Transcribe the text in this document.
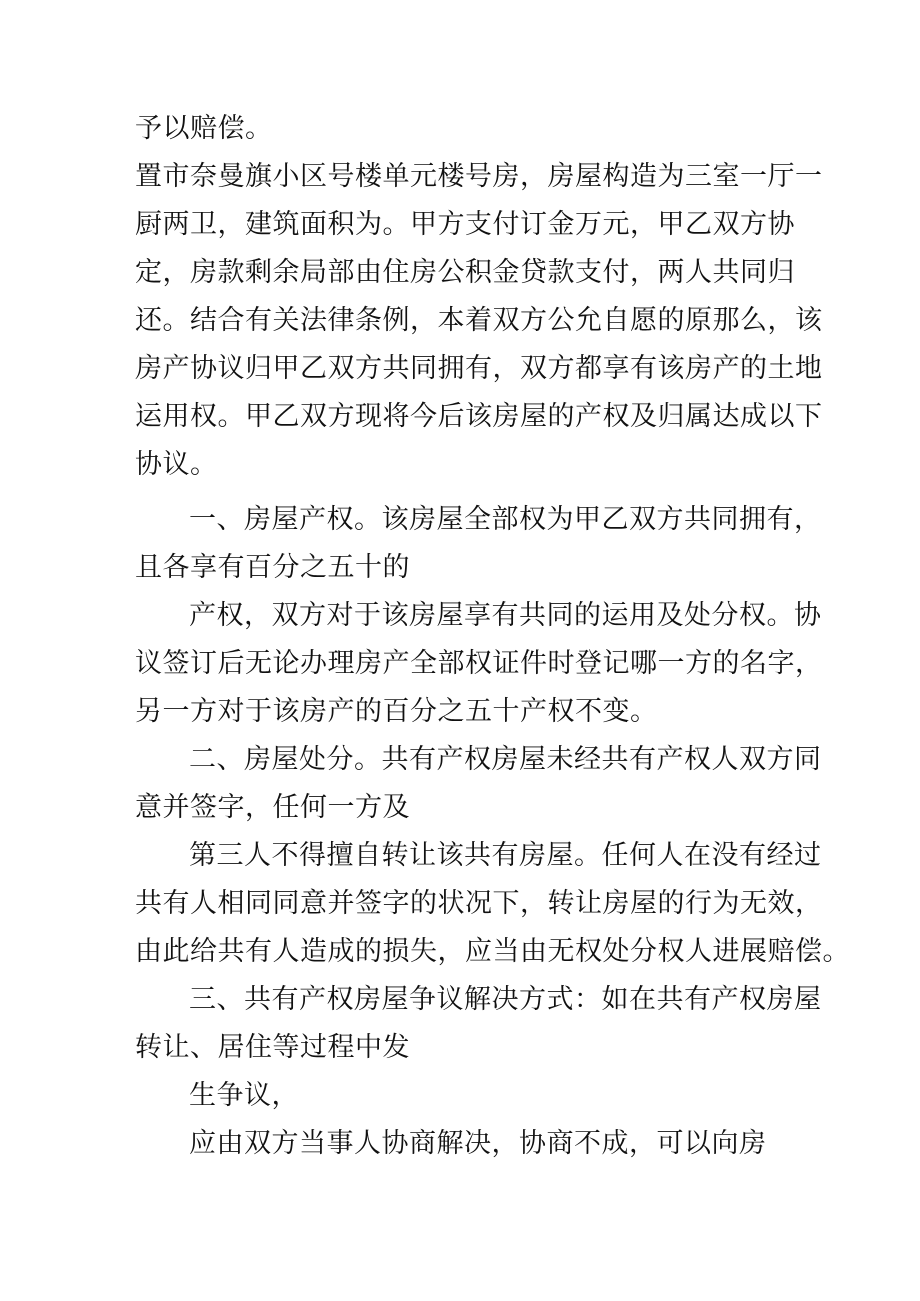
予以赔偿。
置市奈曼旗小区号楼单元楼号房，房屋构造为三室一厅一
厨两卫，建筑面积为。甲方支付订金万元，甲乙双方协
定，房款剩余局部由住房公积金贷款支付，两人共同归
还。结合有关法律条例，本着双方公允自愿的原那么，该
房产协议归甲乙双方共同拥有，双方都享有该房产的土地
运用权。甲乙双方现将今后该房屋的产权及归属达成以下
协议。
一、房屋产权。该房屋全部权为甲乙双方共同拥有，
且各享有百分之五十的
产权，双方对于该房屋享有共同的运用及处分权。协
议签订后无论办理房产全部权证件时登记哪一方的名字，
另一方对于该房产的百分之五十产权不变。
二、房屋处分。共有产权房屋未经共有产权人双方同
意并签字，任何一方及
第三人不得擅自转让该共有房屋。任何人在没有经过
共有人相同同意并签字的状况下，转让房屋的行为无效，
由此给共有人造成的损失，应当由无权处分权人进展赔偿。
三、共有产权房屋争议解决方式：如在共有产权房屋
转让、居住等过程中发
生争议，
应由双方当事人协商解决，协商不成，可以向房
